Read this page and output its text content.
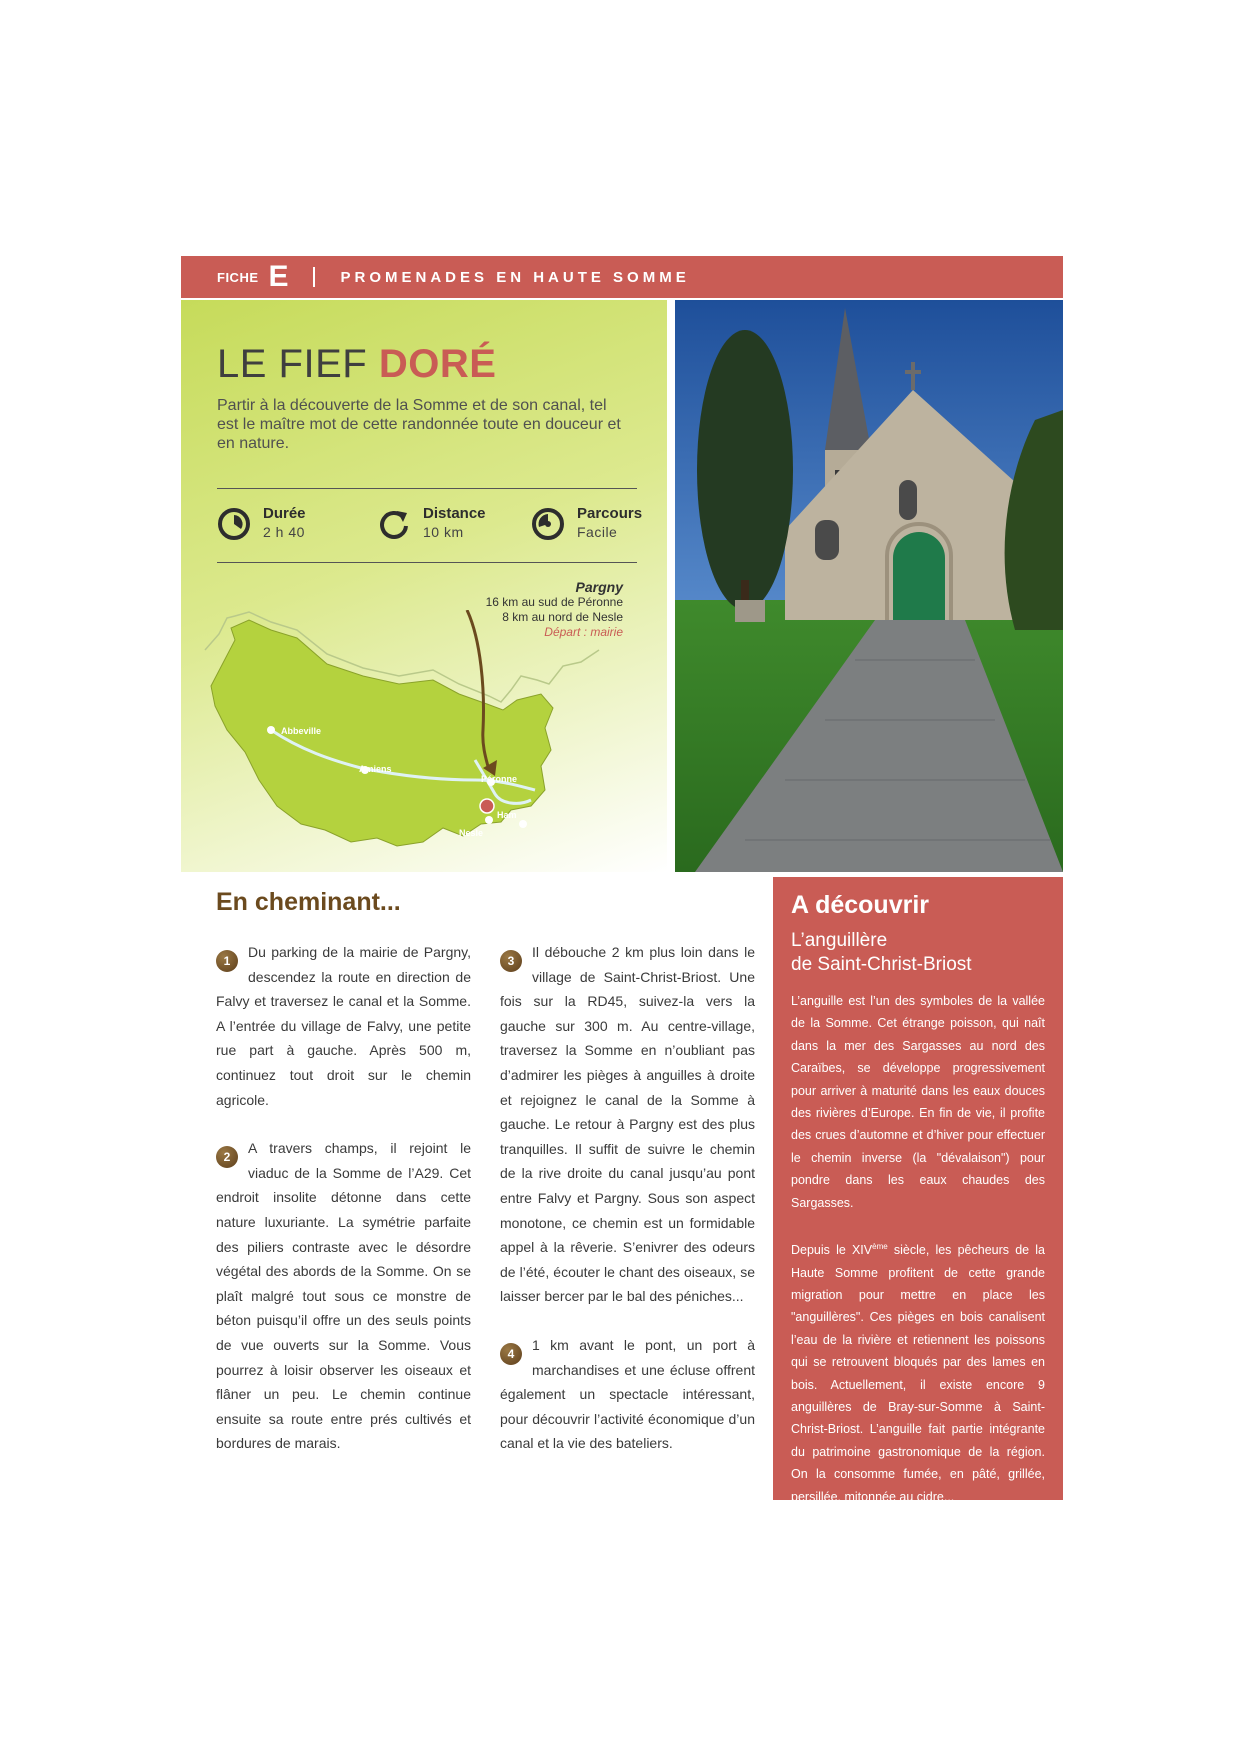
FICHE E	PROMENADES EN HAUTE SOMME
LE FIEF DORÉ

Partir à la découverte de la Somme et de son canal, tel est le maître mot de cette randonnée toute en douceur et en nature.

Durée
2 h 40
Distance
10 km
Parcours
Facile
Pargny
16 km au sud de Péronne
8 km au nord de Nesle
Départ : mairie
Abbeville
Amiens
Péronne
Ham
Nesle
En cheminant...

1
Du parking de la mairie de Pargny, descendez la route en direction de Falvy et traversez le canal et la Somme. A l’entrée du village de Falvy, une petite rue part à gauche. Après 500 m, continuez tout droit sur le chemin agricole.

2
A travers champs, il rejoint le viaduc de la Somme de l’A29. Cet endroit insolite détonne dans cette nature luxuriante. La symétrie parfaite des piliers contraste avec le désordre végétal des abords de la Somme. On se plaît malgré tout sous ce monstre de béton puisqu’il offre un des seuls points de vue ouverts sur la Somme. Vous pourrez à loisir observer les oiseaux et flâner un peu. Le chemin continue ensuite sa route entre prés cultivés et bordures de marais.

3
Il débouche 2 km plus loin dans le village de Saint-Christ-Briost. Une fois sur la RD45, suivez-la vers la gauche sur 300 m. Au centre-village, traversez la Somme en n’oubliant pas d’admirer les pièges à anguilles à droite et rejoignez le canal de la Somme à gauche. Le retour à Pargny est des plus tranquilles. Il suffit de suivre le chemin de la rive droite du canal jusqu’au pont entre Falvy et Pargny. Sous son aspect monotone, ce chemin est un formidable appel à la rêverie. S’enivrer des odeurs de l’été, écouter le chant des oiseaux, se laisser bercer par le bal des péniches...

4
1 km avant le pont, un port à marchandises et une écluse offrent également un spectacle intéressant, pour découvrir l’activité économique d’un canal et la vie des bateliers.

A découvrir
L’anguillère
de Saint-Christ-Briost

L’anguille est l’un des symboles de la vallée de la Somme. Cet étrange poisson, qui naît dans la mer des Sargasses au nord des Caraïbes, se développe progressivement pour arriver à maturité dans les eaux douces des rivières d’Europe. En fin de vie, il profite des crues d’automne et d’hiver pour effectuer le chemin inverse (la "dévalaison") pour pondre dans les eaux chaudes des Sargasses.

Depuis le XIVème siècle, les pêcheurs de la Haute Somme profitent de cette grande migration pour mettre en place les "anguillères". Ces pièges en bois canalisent l’eau de la rivière et retiennent les poissons qui se retrouvent bloqués par des lames en bois. Actuellement, il existe encore 9 anguillères de Bray-sur-Somme à Saint-Christ-Briost. L’anguille fait partie intégrante du patrimoine gastronomique de la région. On la consomme fumée, en pâté, grillée, persillée, mitonnée au cidre...
